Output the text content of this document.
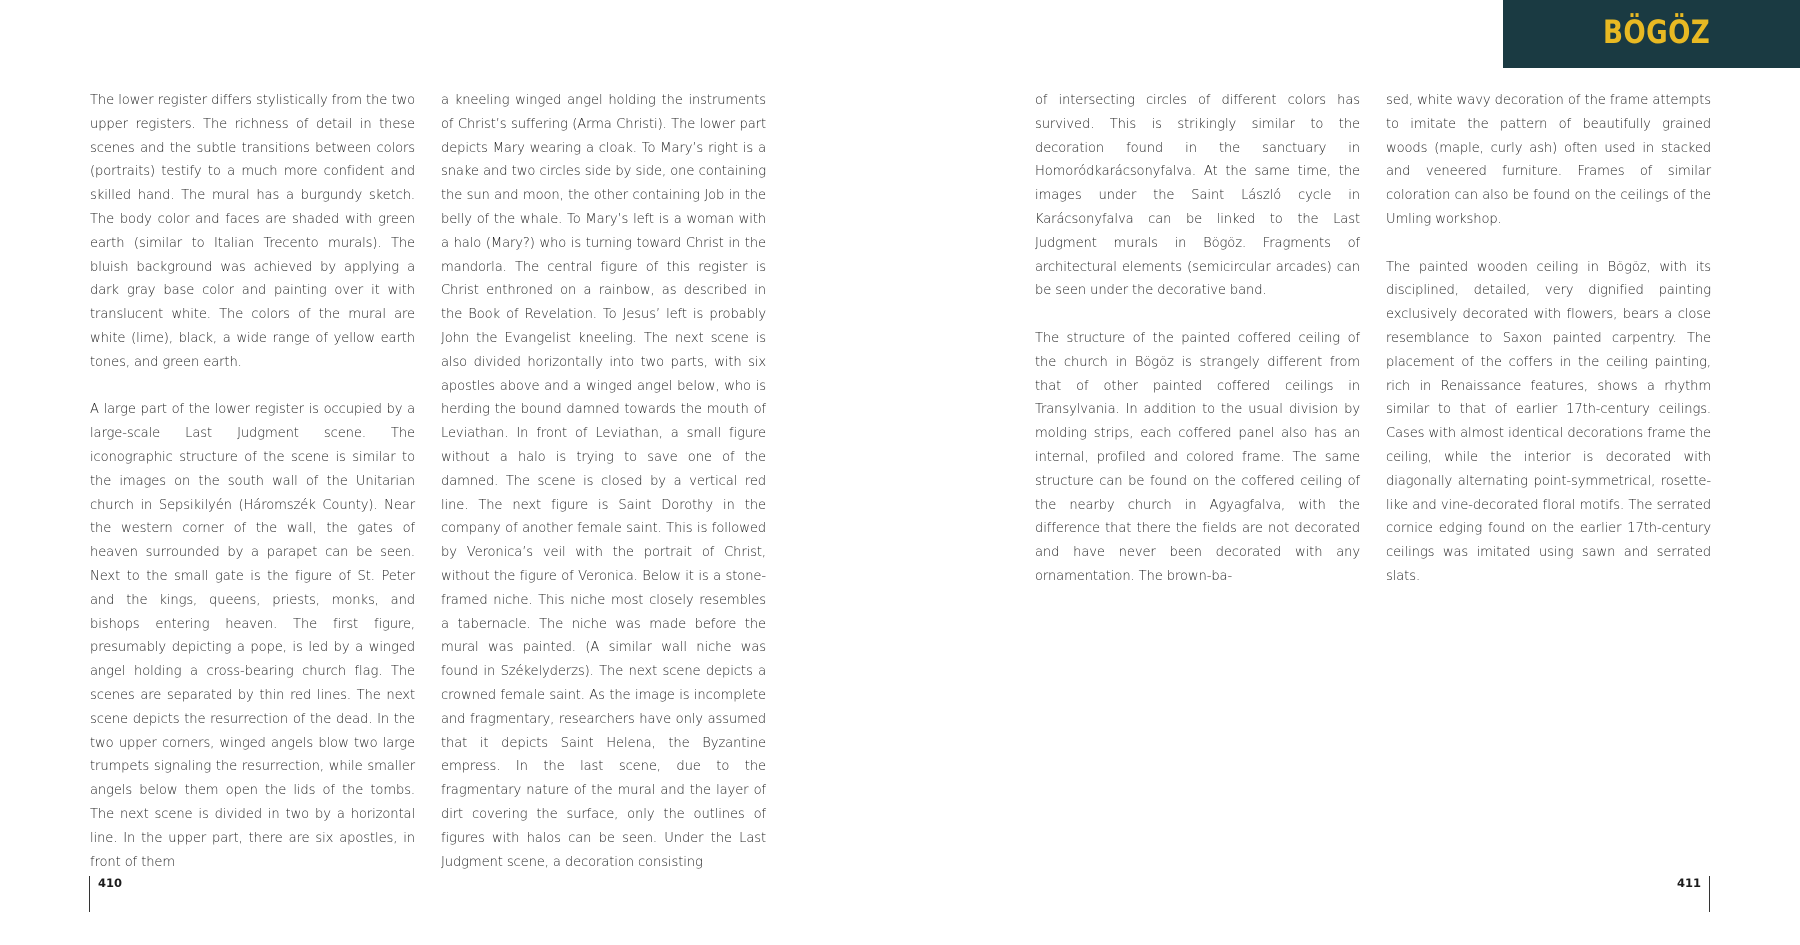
BÖGÖZ

The lower register differs stylistically from the two upper registers. The richness of detail in these scenes and the subtle transitions between colors (portraits) testify to a much more confident and skilled hand. The mural has a burgundy sketch. The body color and faces are shaded with green earth (similar to Italian Trecento murals). The bluish background was achieved by applying a dark gray base color and painting over it with translucent white. The colors of the mural are white (lime), black, a wide range of yellow earth tones, and green earth.

A large part of the lower register is occupied by a large-scale Last Judgment scene. The iconographic structure of the scene is similar to the images on the south wall of the Unitarian church in Sepsikilyén (Háromszék County). Near the western corner of the wall, the gates of heaven surrounded by a parapet can be seen. Next to the small gate is the figure of St. Peter and the kings, queens, priests, monks, and bishops entering heaven. The first figure, presumably depicting a pope, is led by a winged angel holding a cross-bearing church flag. The scenes are separated by thin red lines. The next scene depicts the resurrection of the dead. In the two upper corners, winged angels blow two large trumpets signaling the resurrection, while smaller angels below them open the lids of the tombs. The next scene is divided in two by a horizontal line. In the upper part, there are six apostles, in front of them

a kneeling winged angel holding the instruments of Christ’s suffering (Arma Christi). The lower part depicts Mary wearing a cloak. To Mary’s right is a snake and two circles side by side, one containing the sun and moon, the other containing Job in the belly of the whale. To Mary’s left is a woman with a halo (Mary?) who is turning toward Christ in the mandorla. The central figure of this register is Christ enthroned on a rainbow, as described in the Book of Revelation. To Jesus’ left is probably John the Evangelist kneeling. The next scene is also divided horizontally into two parts, with six apostles above and a winged angel below, who is herding the bound damned towards the mouth of Leviathan. In front of Leviathan, a small figure without a halo is trying to save one of the damned. The scene is closed by a vertical red line. The next figure is Saint Dorothy in the company of another female saint. This is followed by Veronica’s veil with the portrait of Christ, without the figure of Veronica. Below it is a stone-framed niche. This niche most closely resembles a tabernacle. The niche was made before the mural was painted. (A similar wall niche was found in Székelyderzs). The next scene depicts a crowned female saint. As the image is incomplete and fragmentary, researchers have only assumed that it depicts Saint Helena, the Byzantine empress. In the last scene, due to the fragmentary nature of the mural and the layer of dirt covering the surface, only the outlines of figures with halos can be seen. Under the Last Judgment scene, a decoration consisting

of intersecting circles of different colors has survived. This is strikingly similar to the decoration found in the sanctuary in Homoródkarácsonyfalva. At the same time, the images under the Saint László cycle in Karácsonyfalva can be linked to the Last Judgment murals in Bögöz. Fragments of architectural elements (semicircular arcades) can be seen under the decorative band.

The structure of the painted coffered ceiling of the church in Bögöz is strangely different from that of other painted coffered ceilings in Transylvania. In addition to the usual division by molding strips, each coffered panel also has an internal, profiled and colored frame. The same structure can be found on the coffered ceiling of the nearby church in Agyagfalva, with the difference that there the fields are not decorated and have never been decorated with any ornamentation. The brown-ba-

sed, white wavy decoration of the frame attempts to imitate the pattern of beautifully grained woods (maple, curly ash) often used in stacked and veneered furniture. Frames of similar coloration can also be found on the ceilings of the Umling workshop.

The painted wooden ceiling in Bögöz, with its disciplined, detailed, very dignified painting exclusively decorated with flowers, bears a close resemblance to Saxon painted carpentry. The placement of the coffers in the ceiling painting, rich in Renaissance features, shows a rhythm similar to that of earlier 17th-century ceilings. Cases with almost identical decorations frame the ceiling, while the interior is decorated with diagonally alternating point-symmetrical, rosette-like and vine-decorated floral motifs. The serrated cornice edging found on the earlier 17th-century ceilings was imitated using sawn and serrated slats.

410	411
